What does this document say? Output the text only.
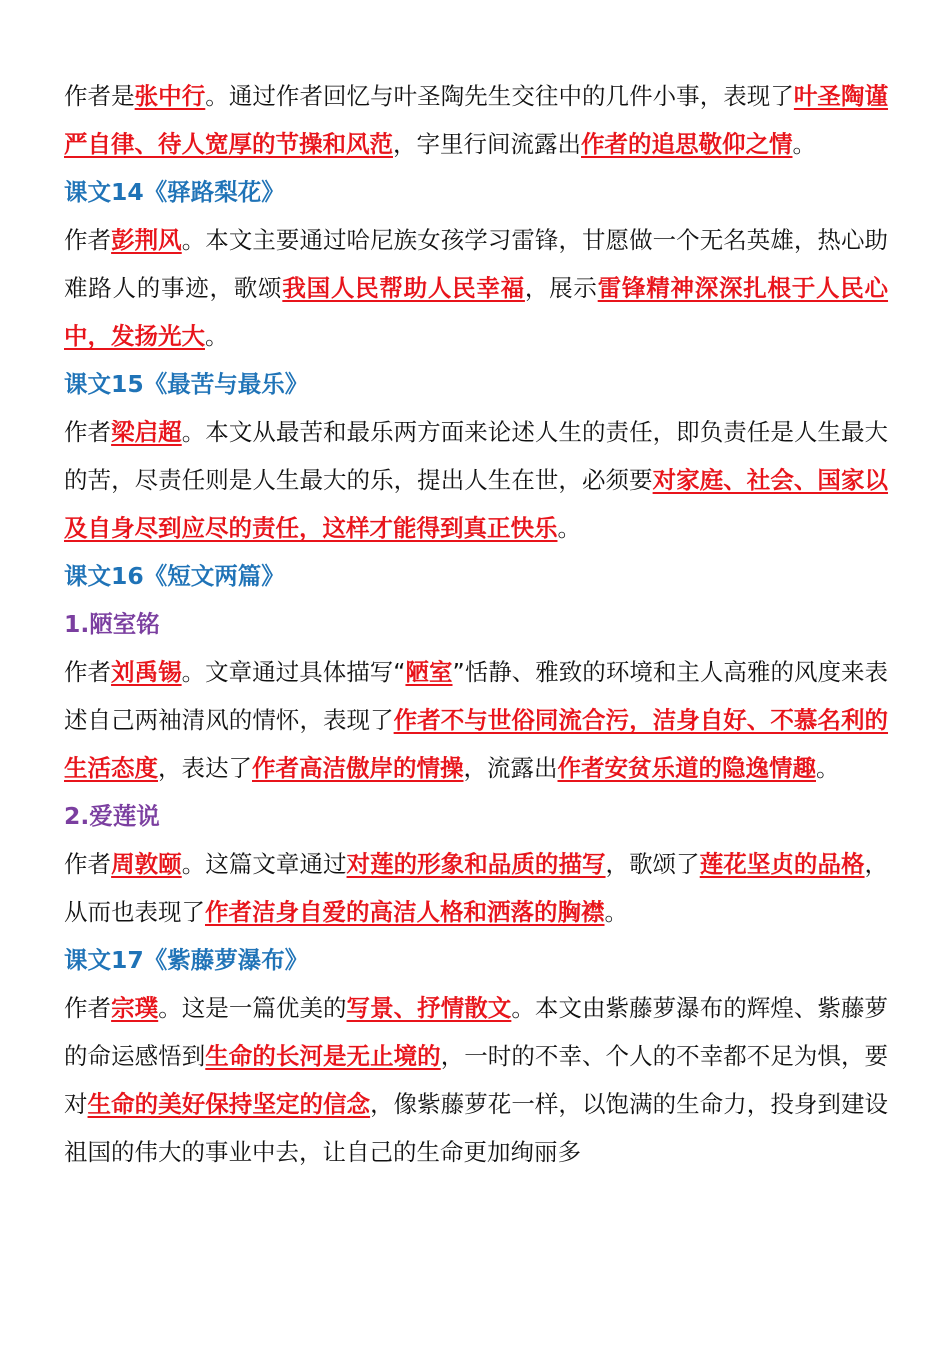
作者是张中行。通过作者回忆与叶圣陶先生交往中的几件小事，表现了叶圣陶谨严自律、待人宽厚的节操和风范，字里行间流露出作者的追思敬仰之情。

课文14《驿路梨花》

作者彭荆风。本文主要通过哈尼族女孩学习雷锋，甘愿做一个无名英雄，热心助难路人的事迹，歌颂我国人民帮助人民幸福，展示雷锋精神深深扎根于人民心中，发扬光大。

课文15《最苦与最乐》

作者梁启超。本文从最苦和最乐两方面来论述人生的责任，即负责任是人生最大的苦，尽责任则是人生最大的乐，提出人生在世，必须要对家庭、社会、国家以及自身尽到应尽的责任，这样才能得到真正快乐。

课文16《短文两篇》

1.陋室铭

作者刘禹锡。文章通过具体描写“陋室”恬静、雅致的环境和主人高雅的风度来表述自己两袖清风的情怀，表现了作者不与世俗同流合污，洁身自好、不慕名利的生活态度，表达了作者高洁傲岸的情操，流露出作者安贫乐道的隐逸情趣。

2.爱莲说

作者周敦颐。这篇文章通过对莲的形象和品质的描写，歌颂了莲花坚贞的品格，从而也表现了作者洁身自爱的高洁人格和洒落的胸襟。

课文17《紫藤萝瀑布》

作者宗璞。这是一篇优美的写景、抒情散文。本文由紫藤萝瀑布的辉煌、紫藤萝的命运感悟到生命的长河是无止境的，一时的不幸、个人的不幸都不足为惧，要对生命的美好保持坚定的信念，像紫藤萝花一样，以饱满的生命力，投身到建设祖国的伟大的事业中去，让自己的生命更加绚丽多
